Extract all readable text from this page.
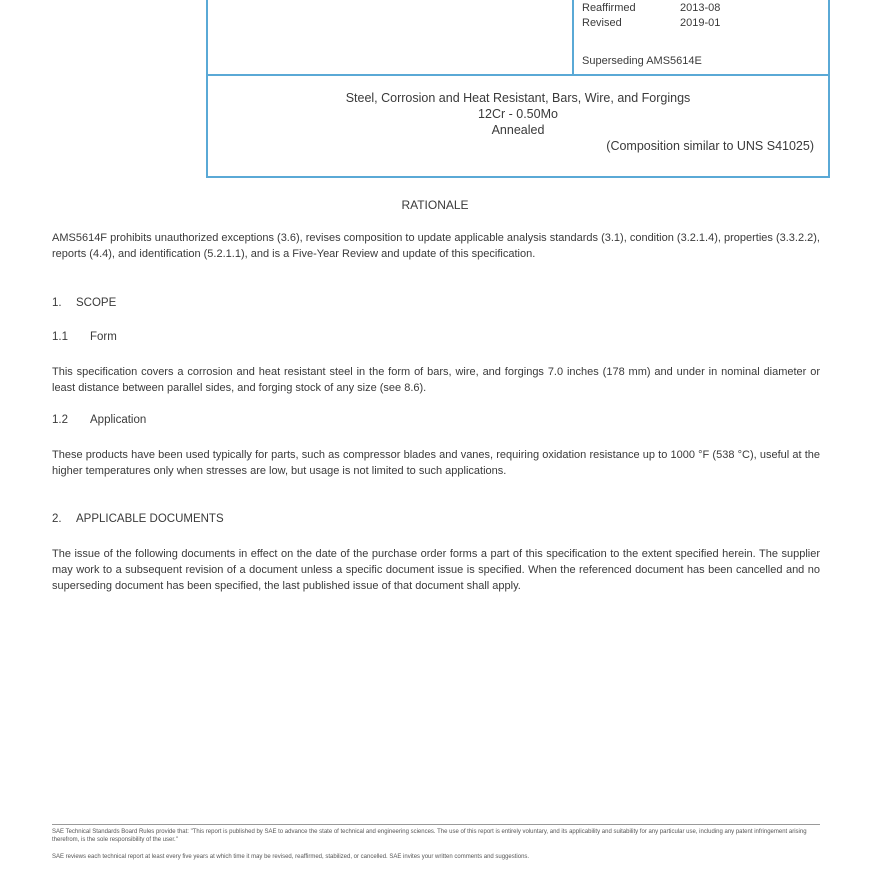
Reaffirmed	2013-08
Revised	2019-01
Superseding AMS5614E
Steel, Corrosion and Heat Resistant, Bars, Wire, and Forgings
12Cr - 0.50Mo
Annealed
(Composition similar to UNS S41025)
RATIONALE
AMS5614F prohibits unauthorized exceptions (3.6), revises composition to update applicable analysis standards (3.1), condition (3.2.1.4), properties (3.3.2.2), reports (4.4), and identification (5.2.1.1), and is a Five-Year Review and update of this specification.
1. SCOPE
1.1 Form
This specification covers a corrosion and heat resistant steel in the form of bars, wire, and forgings 7.0 inches (178 mm) and under in nominal diameter or least distance between parallel sides, and forging stock of any size (see 8.6).
1.2 Application
These products have been used typically for parts, such as compressor blades and vanes, requiring oxidation resistance up to 1000 °F (538 °C), useful at the higher temperatures only when stresses are low, but usage is not limited to such applications.
2. APPLICABLE DOCUMENTS
The issue of the following documents in effect on the date of the purchase order forms a part of this specification to the extent specified herein. The supplier may work to a subsequent revision of a document unless a specific document issue is specified. When the referenced document has been cancelled and no superseding document has been specified, the last published issue of that document shall apply.
SAE Technical Standards Board Rules provide that: "This report is published by SAE to advance the state of technical and engineering sciences. The use of this report is entirely voluntary, and its applicability and suitability for any particular use, including any patent infringement arising therefrom, is the sole responsibility of the user."
SAE reviews each technical report at least every five years at which time it may be revised, reaffirmed, stabilized, or cancelled. SAE invites your written comments and suggestions.
